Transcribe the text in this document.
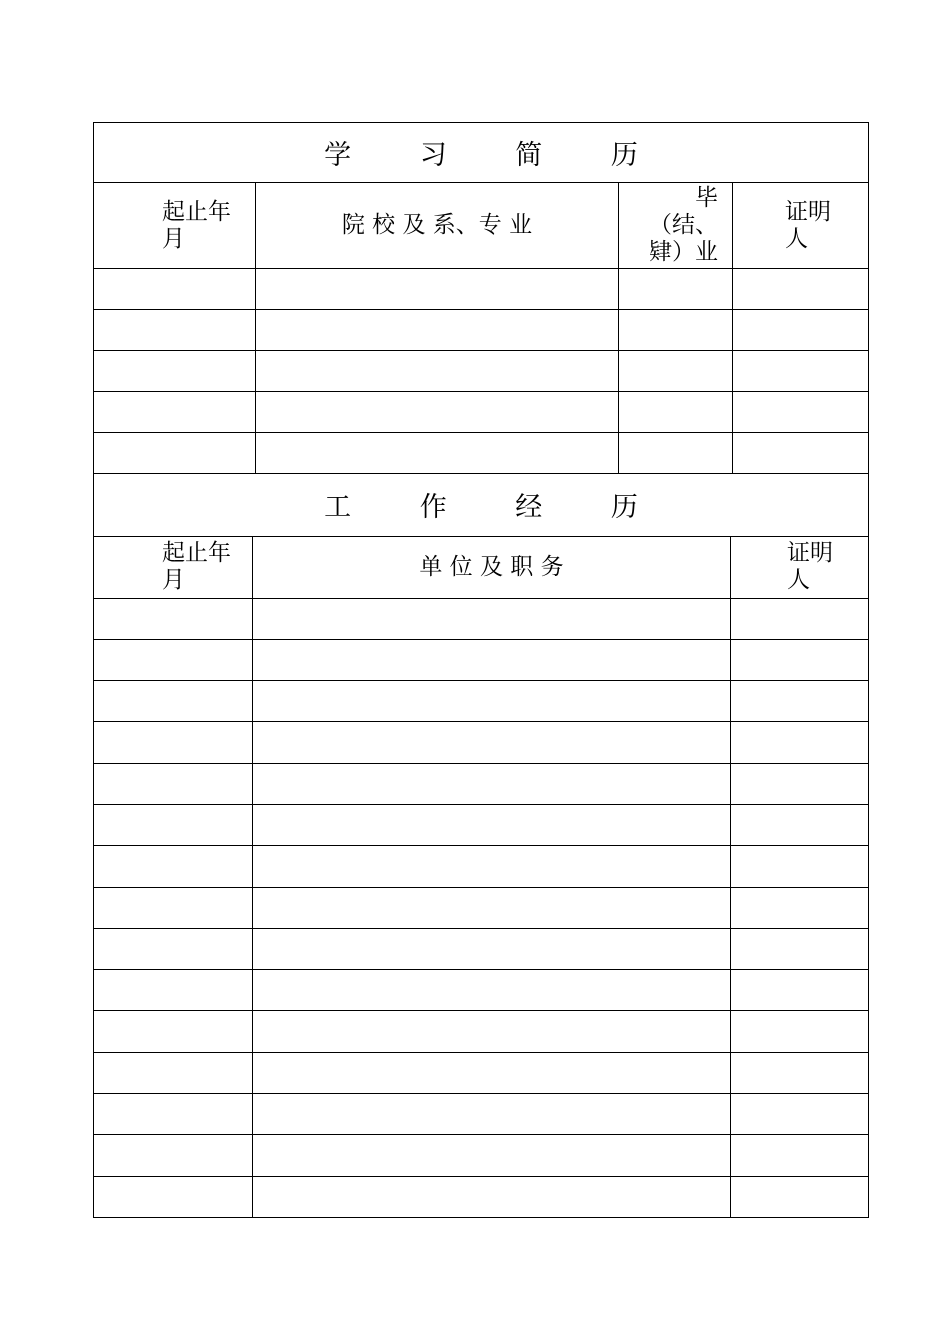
学 习 简 历			

起止年月	院 校 及 系、专 业	毕（结、肄）业	证明人

工 作 经 历		

起止年月	单 位 及 职 务	证明人
